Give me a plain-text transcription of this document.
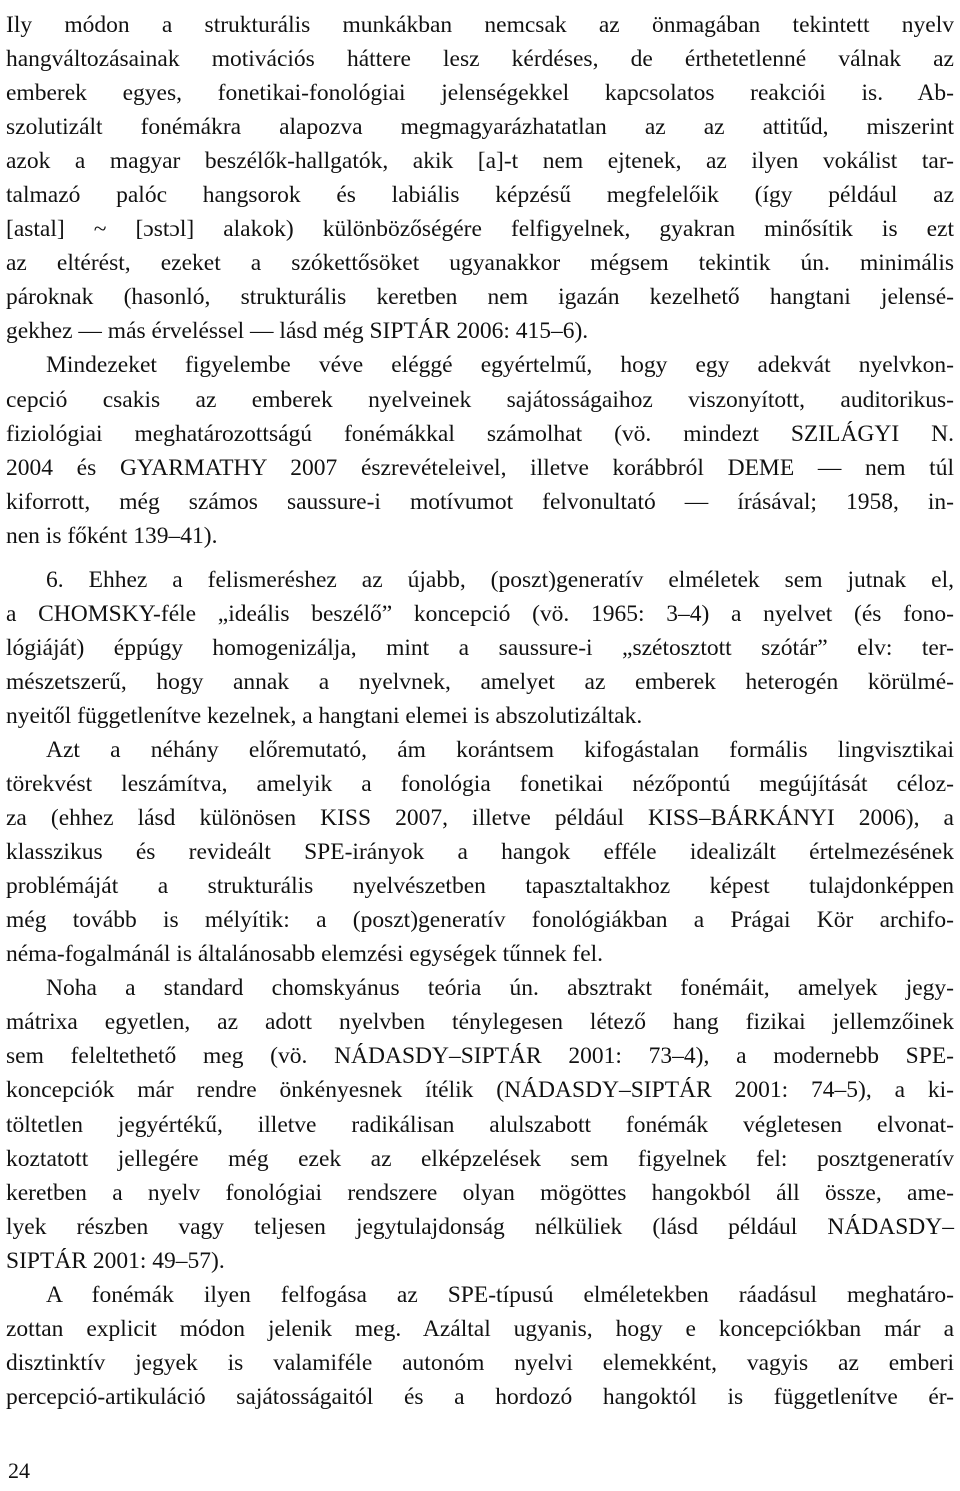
Ily módon a strukturális munkákban nemcsak az önmagában tekintett nyelv
hangváltozásainak motivációs háttere lesz kérdéses, de érthetetlenné válnak az
emberek egyes, fonetikai-fonológiai jelenségekkel kapcsolatos reakciói is. Ab-
szolutizált fonémákra alapozva megmagyarázhatatlan az az attitűd, miszerint
azok a magyar beszélők-hallgatók, akik [a]-t nem ejtenek, az ilyen vokálist tar-
talmazó palóc hangsorok és labiális képzésű megfelelőik (így például az
[astal] ~ [ɔstɔl] alakok) különbözőségére felfigyelnek, gyakran minősítik is ezt
az eltérést, ezeket a szókettősöket ugyanakkor mégsem tekintik ún. minimális
pároknak (hasonló, strukturális keretben nem igazán kezelhető hangtani jelensé-
gekhez — más érveléssel — lásd még SIPTÁR 2006: 415–6).
Mindezeket figyelembe véve eléggé egyértelmű, hogy egy adekvát nyelvkon-
cepció csakis az emberek nyelveinek sajátosságaihoz viszonyított, auditorikus-
fiziológiai meghatározottságú fonémákkal számolhat (vö. mindezt SZILÁGYI N.
2004 és GYARMATHY 2007 észrevételeivel, illetve korábbról DEME — nem túl
kiforrott, még számos saussure-i motívumot felvonultató — írásával; 1958, in-
nen is főként 139–41).
6. Ehhez a felismeréshez az újabb, (poszt)generatív elméletek sem jutnak el,
a CHOMSKY-féle „ideális beszélő” koncepció (vö. 1965: 3–4) a nyelvet (és fono-
lógiáját) éppúgy homogenizálja, mint a saussure-i „szétosztott szótár” elv: ter-
mészetszerű, hogy annak a nyelvnek, amelyet az emberek heterogén körülmé-
nyeitől függetlenítve kezelnek, a hangtani elemei is abszolutizáltak.
Azt a néhány előremutató, ám korántsem kifogástalan formális lingvisztikai
törekvést leszámítva, amelyik a fonológia fonetikai nézőpontú megújítását céloz-
za (ehhez lásd különösen KISS 2007, illetve például KISS–BÁRKÁNYI 2006), a
klasszikus és revideált SPE-irányok a hangok efféle idealizált értelmezésének
problémáját a strukturális nyelvészetben tapasztaltakhoz képest tulajdonképpen
még tovább is mélyítik: a (poszt)generatív fonológiákban a Prágai Kör archifo-
néma-fogalmánál is általánosabb elemzési egységek tűnnek fel.
Noha a standard chomskyánus teória ún. absztrakt fonémáit, amelyek jegy-
mátrixa egyetlen, az adott nyelvben ténylegesen létező hang fizikai jellemzőinek
sem feleltethető meg (vö. NÁDASDY–SIPTÁR 2001: 73–4), a modernebb SPE-
koncepciók már rendre önkényesnek ítélik (NÁDASDY–SIPTÁR 2001: 74–5), a ki-
töltetlen jegyértékű, illetve radikálisan alulszabott fonémák végletesen elvonat-
koztatott jellegére még ezek az elképzelések sem figyelnek fel: posztgeneratív
keretben a nyelv fonológiai rendszere olyan mögöttes hangokból áll össze, ame-
lyek részben vagy teljesen jegytulajdonság nélküliek (lásd például NÁDASDY–
SIPTÁR 2001: 49–57).
A fonémák ilyen felfogása az SPE-típusú elméletekben ráadásul meghatáro-
zottan explicit módon jelenik meg. Azáltal ugyanis, hogy e koncepciókban már a
disztinktív jegyek is valamiféle autonóm nyelvi elemekként, vagyis az emberi
percepció-artikuláció sajátosságaitól és a hordozó hangoktól is függetlenítve ér-
24
